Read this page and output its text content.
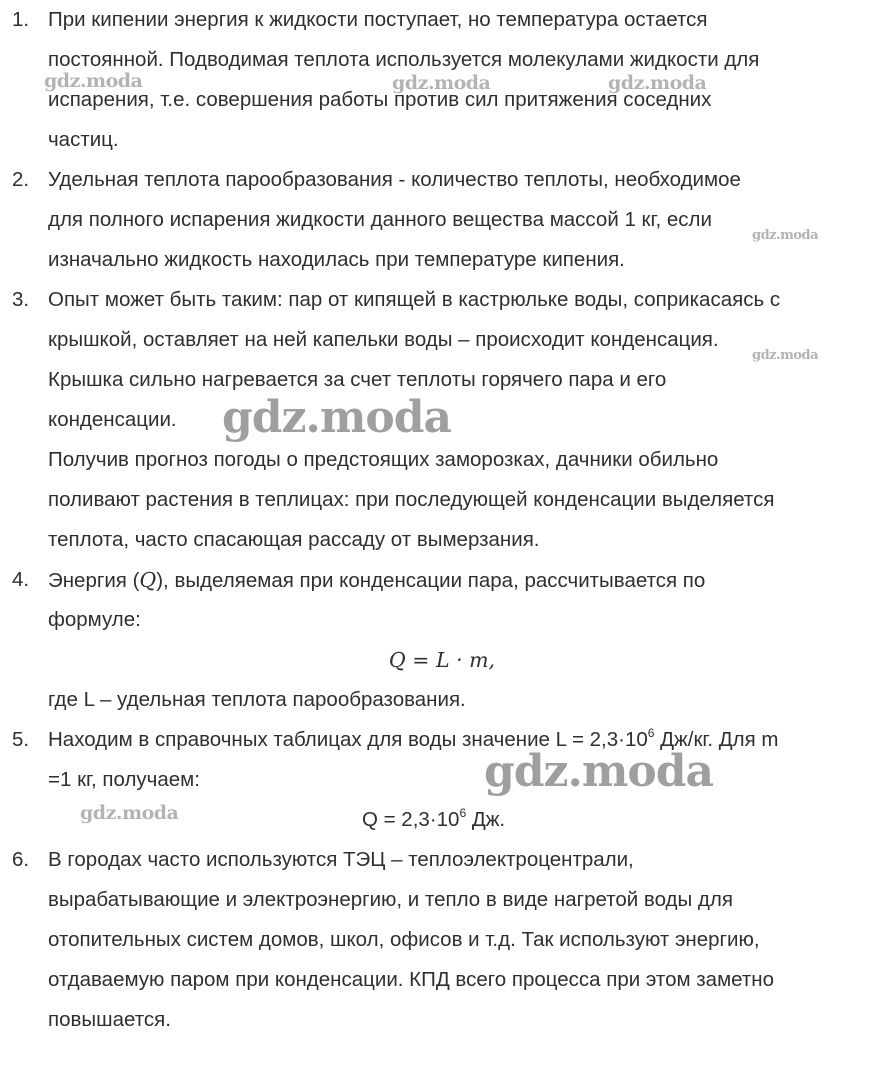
1. При кипении энергия к жидкости поступает, но температура остается
постоянной. Подводимая теплота используется молекулами жидкости для
испарения, т.е. совершения работы против сил притяжения соседних
частиц.
2. Удельная теплота парообразования - количество теплоты, необходимое
для полного испарения жидкости данного вещества массой 1 кг, если
изначально жидкость находилась при температуре кипения.
3. Опыт может быть таким: пар от кипящей в кастрюльке воды, соприкасаясь с
крышкой, оставляет на ней капельки воды – происходит конденсация.
Крышка сильно нагревается за счет теплоты горячего пара и его
конденсации.
Получив прогноз погоды о предстоящих заморозках, дачники обильно
поливают растения в теплицах: при последующей конденсации выделяется
теплота, часто спасающая рассаду от вымерзания.
4. Энергия (Q), выделяемая при конденсации пара, рассчитывается по
формуле:
Q = L · m,
где L – удельная теплота парообразования.
5. Находим в справочных таблицах для воды значение $L = 2,3\cdot 10^6$ Дж/кг. Для m
=1 кг, получаем:
$Q = 2,3\cdot 10^6$ Дж.
6. В городах часто используются ТЭЦ – теплоэлектроцентрали,
вырабатывающие и электроэнергию, и тепло в виде нагретой воды для
отопительных систем домов, школ, офисов и т.д. Так используют энергию,
отдаваемую паром при конденсации. КПД всего процесса при этом заметно
повышается.
gdz.moda	gdz.moda	gdz.moda
gdz.moda
gdz.moda
gdz.moda
gdz.moda
gdz.moda
